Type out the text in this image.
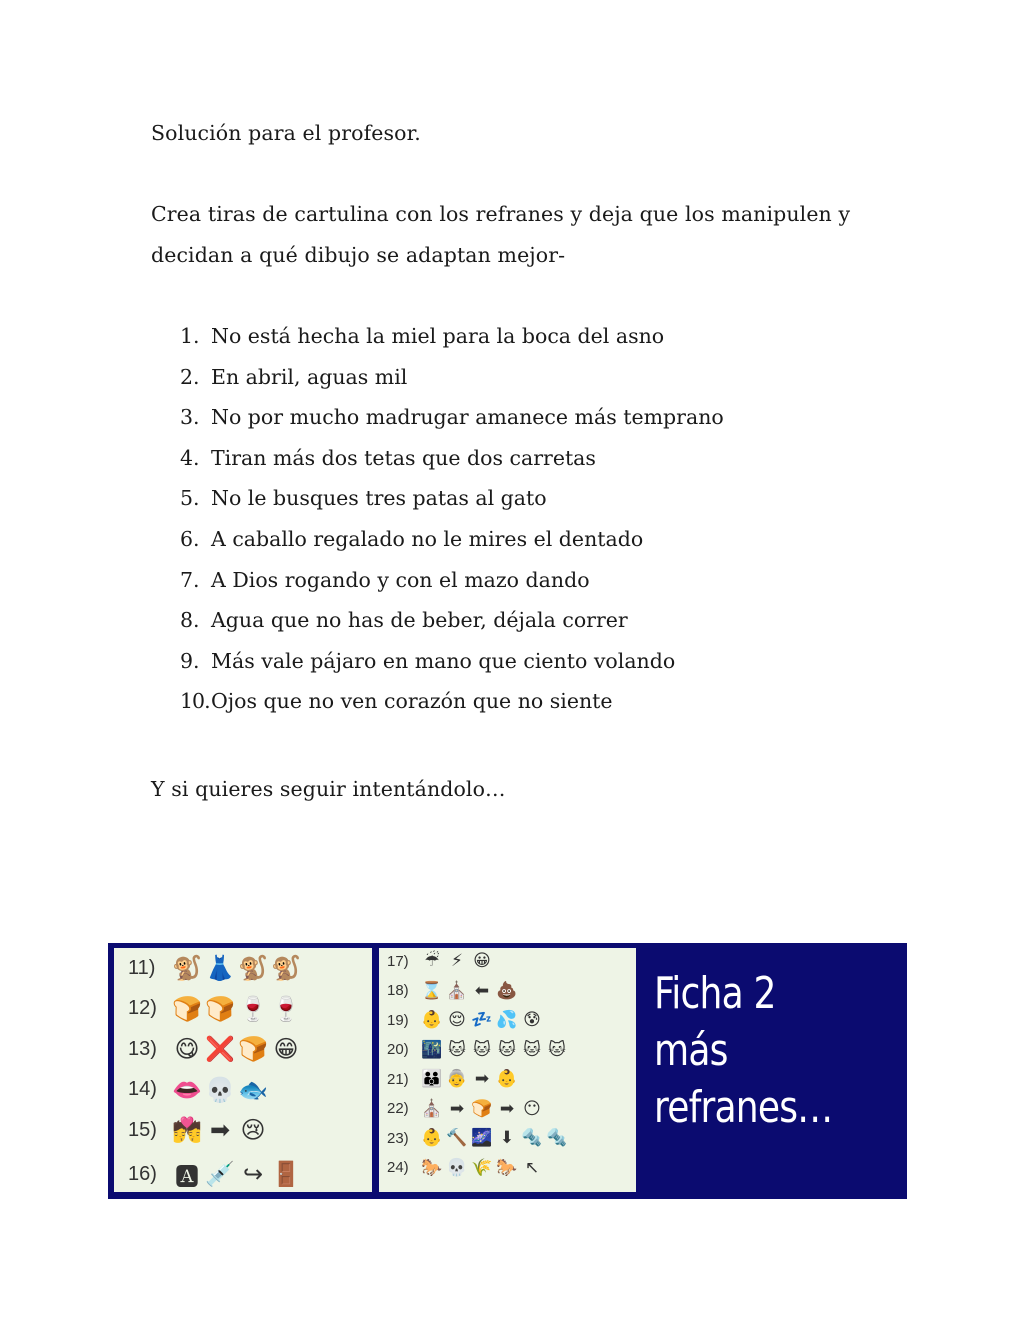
Solución para el profesor.
Crea tiras de cartulina con los refranes y deja que los manipulen y decidan a qué dibujo se adaptan mejor-
1. No está hecha la miel para la boca del asno
2. En abril, aguas mil
3. No por mucho madrugar amanece más temprano
4. Tiran más dos tetas que dos carretas
5. No le busques tres patas al gato
6. A caballo regalado no le mires el dentado
7. A Dios rogando y con el mazo dando
8. Agua que no has de beber, déjala correr
9. Más vale pájaro en mano que ciento volando
10. Ojos que no ven corazón que no siente
Y si quieres seguir intentándolo…
11) 🐒 👗 🐒 🐒
12) 🍞 🍞 🍷 🍷
13) 😋 ❌ 🍞 😁
14) 👄 💀 🐟
15) 💏 ➡ 😢
16) 🅰 💉 ↪ 🚪
17) ☔ ⚡ 😀
18) ⌛ ⛪ ⬅ 💩
19) 👶 😌 💤 💦 😰
20) 🌃 🐱 🐱 🐱 🐱 🐱
21) 👪 👵 ➡ 👶
22) ⛪ ➡ 🍞 ➡ 😶
23) 👶 🔨 🌌 ⬇ 🔩 🔩
24) 🐎 💀 🌾 🐎 ↖
Ficha 2
más
refranes…
